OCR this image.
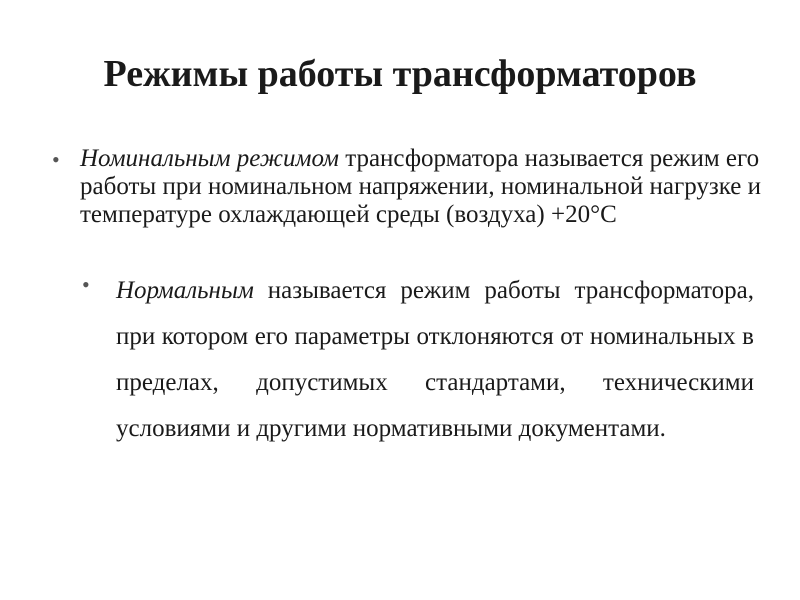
Режимы работы трансформаторов
• Номинальным режимом трансформатора называется режим его работы при номинальном напряжении, номинальной нагрузке и температуре охлаждающей среды (воздуха) +20°С

• Нормальным называется режим работы трансформатора, при котором его параметры отклоняются от номинальных в пределах, допустимых стандартами, техническими условиями и другими нормативными документами.
